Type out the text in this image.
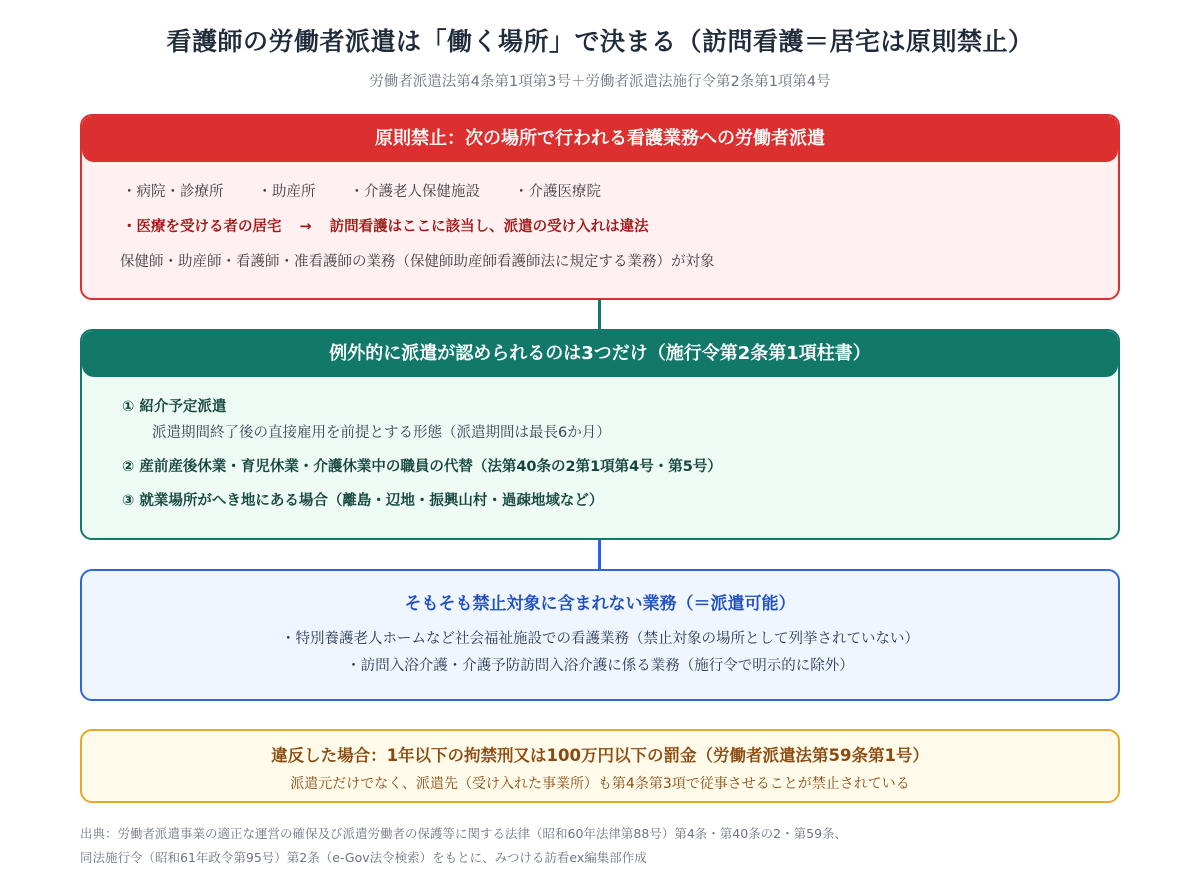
看護師の労働者派遣は「働く場所」で決まる（訪問看護＝居宅は原則禁止）
労働者派遣法第4条第1項第3号＋労働者派遣法施行令第2条第1項第4号
原則禁止：次の場所で行われる看護業務への労働者派遣
・病院・診療所 ・助産所 ・介護老人保健施設 ・介護医療院
・医療を受ける者の居宅 → 訪問看護はここに該当し、派遣の受け入れは違法
保健師・助産師・看護師・准看護師の業務（保健師助産師看護師法に規定する業務）が対象
例外的に派遣が認められるのは3つだけ（施行令第2条第1項柱書）
① 紹介予定派遣
派遣期間終了後の直接雇用を前提とする形態（派遣期間は最長6か月）
② 産前産後休業・育児休業・介護休業中の職員の代替（法第40条の2第1項第4号・第5号）
③ 就業場所がへき地にある場合（離島・辺地・振興山村・過疎地域など）
そもそも禁止対象に含まれない業務（＝派遣可能）
・特別養護老人ホームなど社会福祉施設での看護業務（禁止対象の場所として列挙されていない）
・訪問入浴介護・介護予防訪問入浴介護に係る業務（施行令で明示的に除外）
違反した場合：1年以下の拘禁刑又は100万円以下の罰金（労働者派遣法第59条第1号）
派遣元だけでなく、派遣先（受け入れた事業所）も第4条第3項で従事させることが禁止されている
出典：労働者派遣事業の適正な運営の確保及び派遣労働者の保護等に関する法律（昭和60年法律第88号）第4条・第40条の2・第59条、
同法施行令（昭和61年政令第95号）第2条（e-Gov法令検索）をもとに、みつける訪看ex編集部作成
